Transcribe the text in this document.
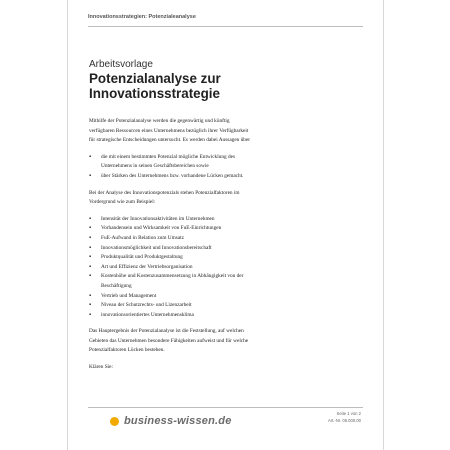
Innovationsstrategien: Potenzialeanalyse
Arbeitsvorlage
Potenzialanalyse zur Innovationsstrategie
Mithilfe der Potenzialanalyse werden die gegenwärtig und künftig
verfügbaren Ressourcen eines Unternehmens bezüglich ihrer Verfügbarkeit
für strategische Entscheidungen untersucht. Es werden dabei Aussagen über
▪ die mit einem bestimmten Potenzial mögliche Entwicklung des
Unternehmens in seinen Geschäftsbereichen sowie
▪ über Stärken des Unternehmens bzw. vorhandene Lücken gemacht.
Bei der Analyse des Innovationspotenzials stehen Potenzialfaktoren im
Vordergrund wie zum Beispiel:
▪ Intensität der Innovationsaktivitäten im Unternehmen
▪ Vorhandensein und Wirksamkeit von FuE-Einrichtungen
▪ FuE-Aufwand in Relation zum Umsatz
▪ Innovationsmöglichkeit und Innovationsbereitschaft
▪ Produktqualität und Produktgestaltung
▪ Art und Effizienz der Vertriebsorganisation
▪ Kostenhöhe und Kostenzusammensetzung in Abhängigkeit von der
Beschäftigung
▪ Vertrieb und Management
▪ Niveau der Schutzrechts- und Lizenzarbeit
▪ innovationsorientiertes Unternehmensklima
Das Hauptergebnis der Potenzialanalyse ist die Feststellung, auf welchen
Gebieten das Unternehmen besondere Fähigkeiten aufweist und für welche
Potenzialfaktoren Lücken bestehen.
Klären Sie:
business-wissen.de
Seite 1 von 2
Art.-Nr. 06.000.00
